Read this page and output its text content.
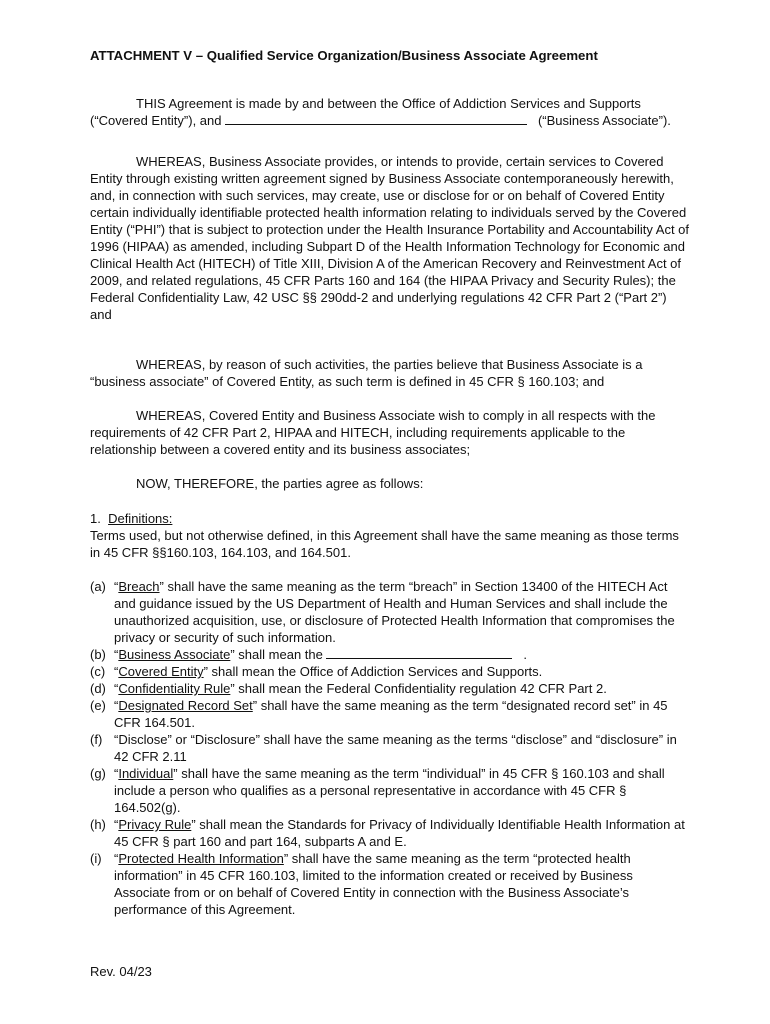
ATTACHMENT V – Qualified Service Organization/Business Associate Agreement
THIS Agreement is made by and between the Office of Addiction Services and Supports (“Covered Entity”), and	(“Business Associate”).
WHEREAS, Business Associate provides, or intends to provide, certain services to Covered Entity through existing written agreement signed by Business Associate contemporaneously herewith, and, in connection with such services, may create, use or disclose for or on behalf of Covered Entity certain individually identifiable protected health information relating to individuals served by the Covered Entity (“PHI”) that is subject to protection under the Health Insurance Portability and Accountability Act of 1996 (HIPAA) as amended, including Subpart D of the Health Information Technology for Economic and Clinical Health Act (HITECH) of Title XIII, Division A of the American Recovery and Reinvestment Act of 2009, and related regulations, 45 CFR Parts 160 and 164 (the HIPAA Privacy and Security Rules); the Federal Confidentiality Law, 42 USC §§ 290dd-2 and underlying regulations 42 CFR Part 2 (“Part 2”) and
WHEREAS, by reason of such activities, the parties believe that Business Associate is a “business associate” of Covered Entity, as such term is defined in 45 CFR § 160.103; and
WHEREAS, Covered Entity and Business Associate wish to comply in all respects with the requirements of 42 CFR Part 2, HIPAA and HITECH, including requirements applicable to the relationship between a covered entity and its business associates;
NOW, THEREFORE, the parties agree as follows:
1. Definitions:
Terms used, but not otherwise defined, in this Agreement shall have the same meaning as those terms in 45 CFR §§160.103, 164.103, and 164.501.
(a) “Breach” shall have the same meaning as the term “breach” in Section 13400 of the HITECH Act and guidance issued by the US Department of Health and Human Services and shall include the unauthorized acquisition, use, or disclosure of Protected Health Information that compromises the privacy or security of such information.
(b) “Business Associate” shall mean the	.
(c) “Covered Entity” shall mean the Office of Addiction Services and Supports.
(d) “Confidentiality Rule” shall mean the Federal Confidentiality regulation 42 CFR Part 2.
(e) “Designated Record Set” shall have the same meaning as the term “designated record set” in 45 CFR 164.501.
(f) “Disclose” or “Disclosure” shall have the same meaning as the terms “disclose” and “disclosure” in 42 CFR 2.11
(g) “Individual” shall have the same meaning as the term “individual” in 45 CFR § 160.103 and shall include a person who qualifies as a personal representative in accordance with 45 CFR § 164.502(g).
(h) “Privacy Rule” shall mean the Standards for Privacy of Individually Identifiable Health Information at 45 CFR § part 160 and part 164, subparts A and E.
(i) “Protected Health Information” shall have the same meaning as the term “protected health information” in 45 CFR 160.103, limited to the information created or received by Business Associate from or on behalf of Covered Entity in connection with the Business Associate’s performance of this Agreement.
Rev. 04/23
